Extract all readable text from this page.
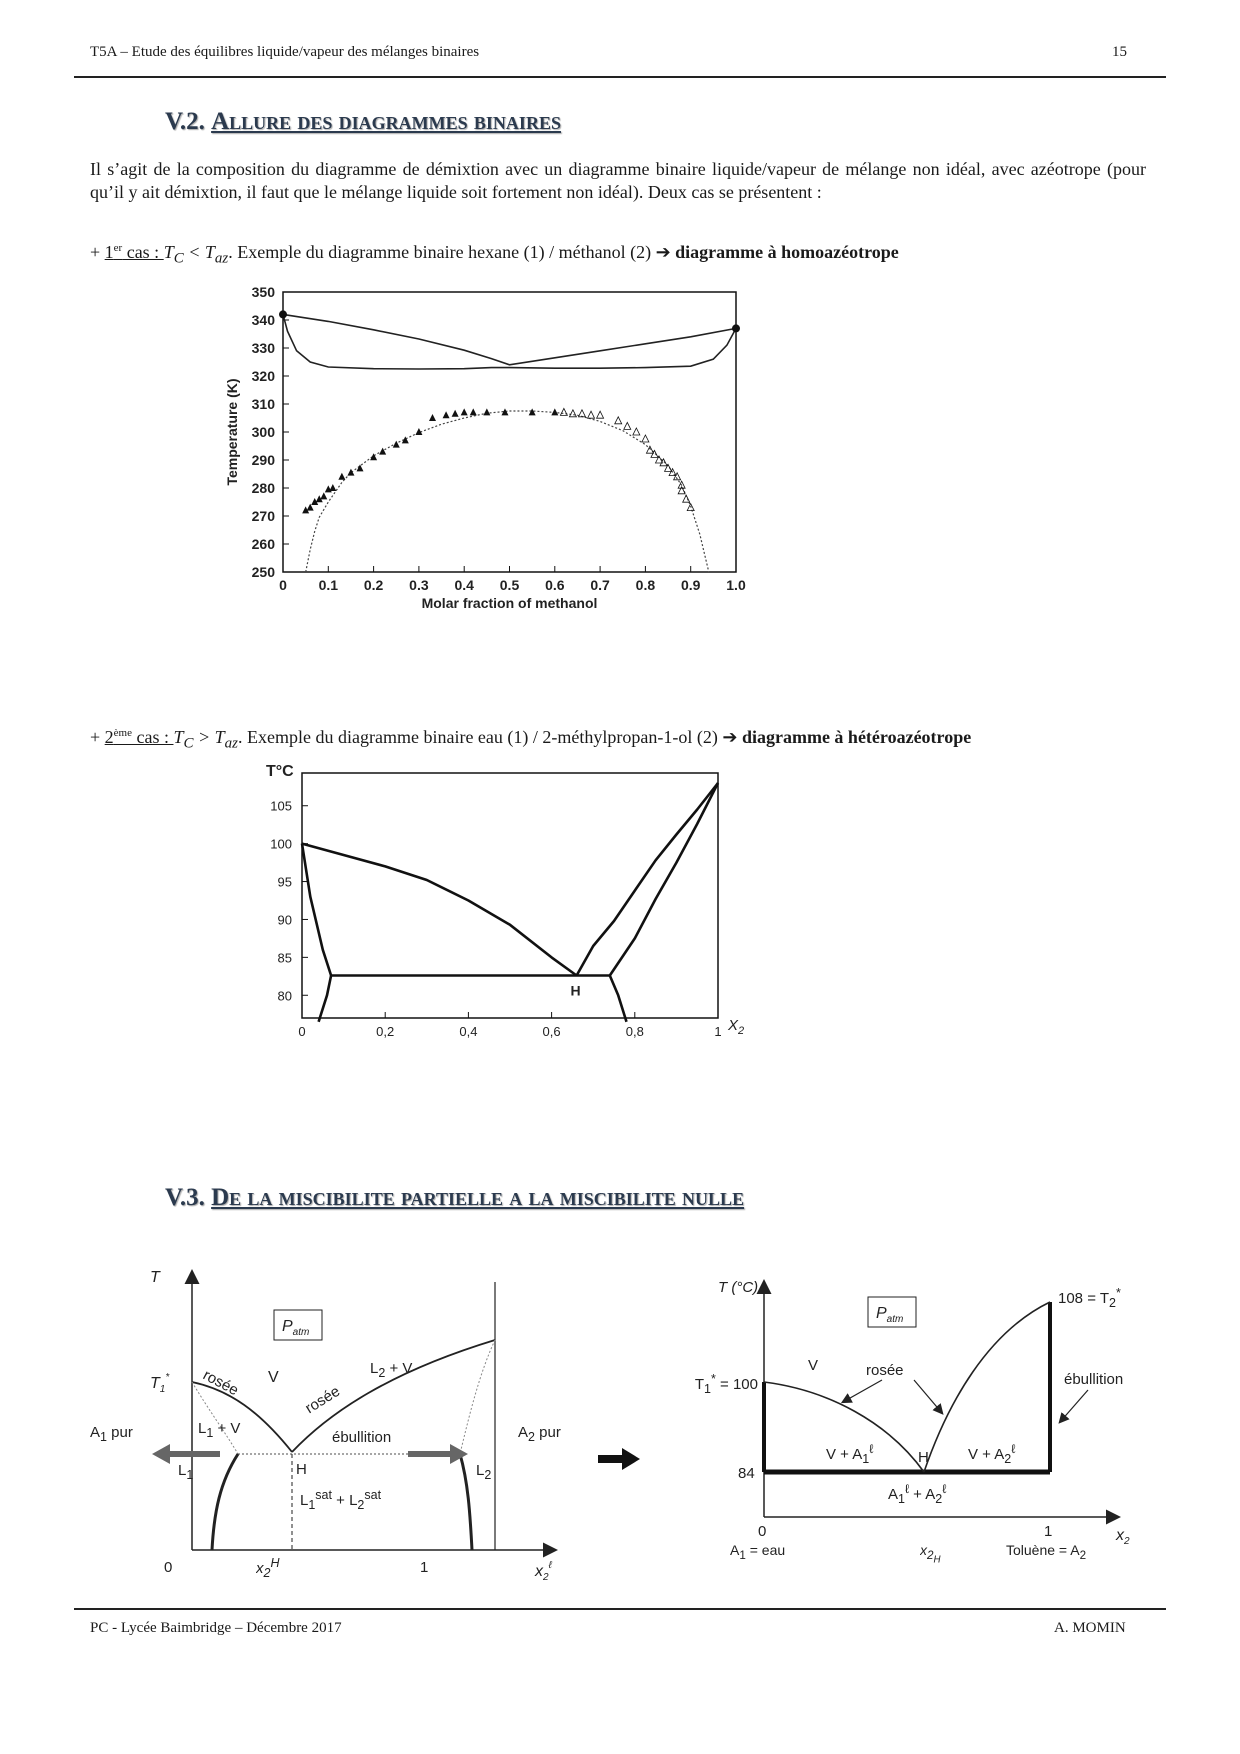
T5A – Etude des équilibres liquide/vapeur des mélanges binaires	15
V.2. Allure des diagrammes binaires
Il s’agit de la composition du diagramme de démixtion avec un diagramme binaire liquide/vapeur de mélange non idéal, avec azéotrope (pour qu’il y ait démixtion, il faut que le mélange liquide soit fortement non idéal). Deux cas se présentent :
+ 1er cas : $T_C < T_{az}$. Exemple du diagramme binaire hexane (1) / méthanol (2) ➔ diagramme à homoazéotrope
250
260
270
280
290
300
310
320
330
340
350
0 0.1 0.2 0.3 0.4 0.5 0.6 0.7 0.8 0.9 1.0
Molar fraction of methanol
Temperature (K)
+ 2ème cas : $T_C > T_{az}$. Exemple du diagramme binaire eau (1) / 2-méthylpropan-1-ol (2) ➔ diagramme à hétéroazéotrope
80
85
90
95
100
105
0	0,2	0,4	0,6	0,8	1
T°C
$X_2$
H
V.3. De la miscibilite partielle a la miscibilite nulle
$P_{atm}$
T
$T_1^*$ rosée	rosée
V
$L_2 + V$
$L_1 + V$
ébullition
$A_1$ pur	$A_2$ pur
$L_1$	$L_2$
H
$L_1^{sat} + L_2^{sat}$
0	1
$x_2^H$	$x_2^\ell$
$P_{atm}$
T (°C)
V	rosée
$T_1^* = 100$
$108 = T_2^*$
ébullition
84
$V + A_1^\ell$	H	$V + A_2^\ell$
$A_1^\ell + A_2^\ell$
0	1	$x_2$
$A_1$ = eau	$x_{2_H}$
Toluène = $A_2$
PC - Lycée Baimbridge – Décembre 2017	A. MOMIN
